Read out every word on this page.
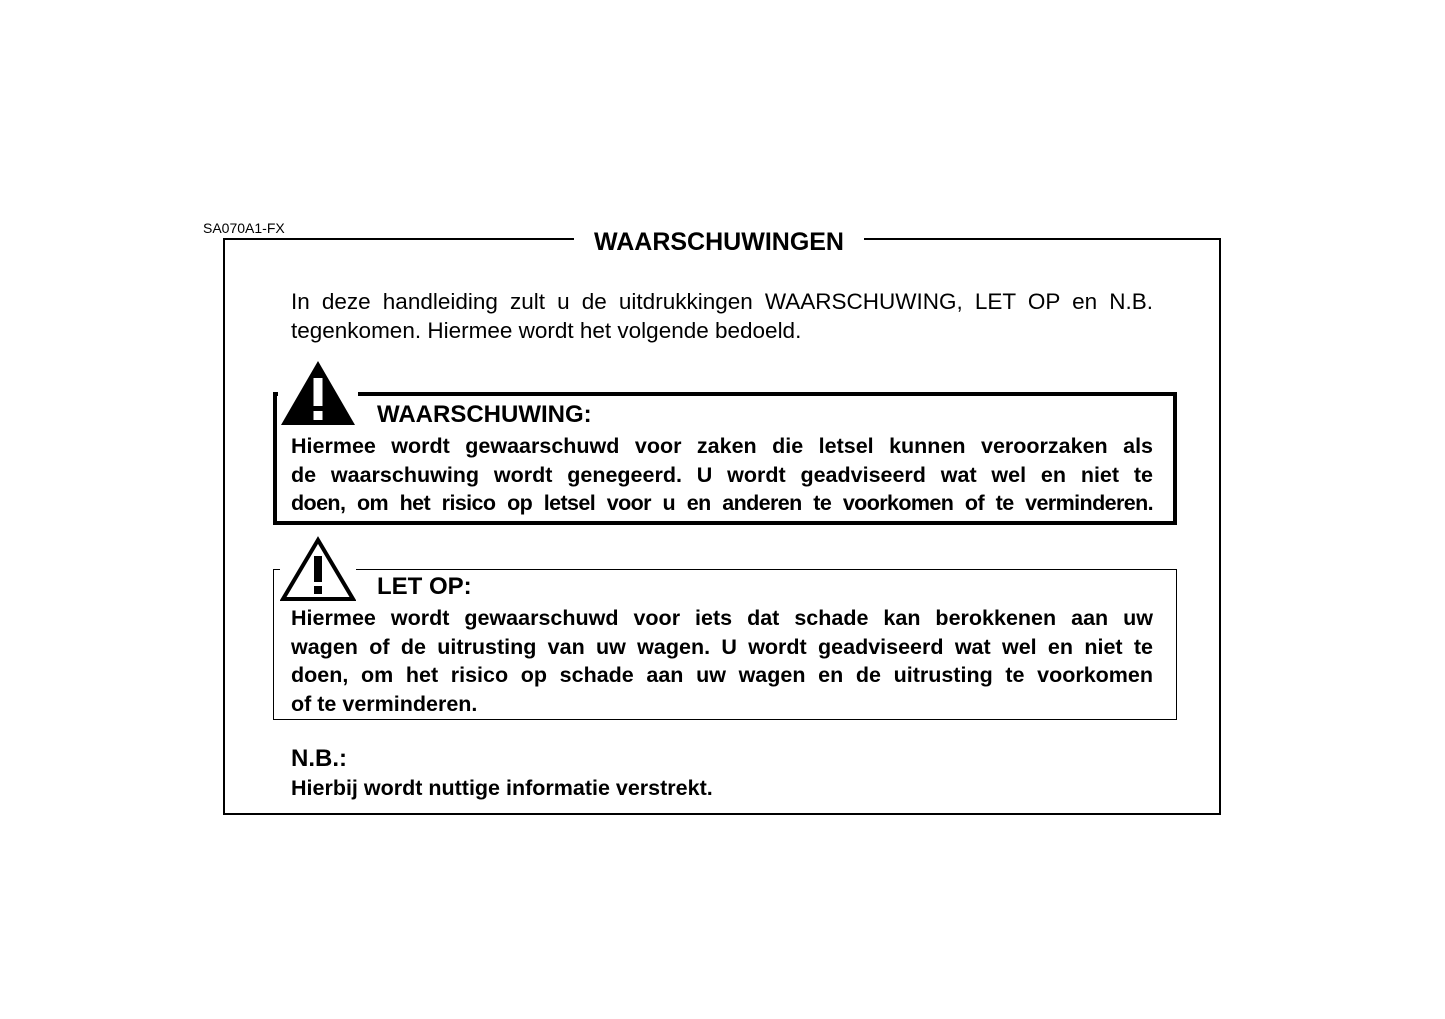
SA070A1-FX	WAARSCHUWINGEN

In deze handleiding zult u de uitdrukkingen WAARSCHUWING, LET OP en N.B.
tegenkomen. Hiermee wordt het volgende bedoeld.

WAARSCHUWING:

Hiermee wordt gewaarschuwd voor zaken die letsel kunnen veroorzaken als
de waarschuwing wordt genegeerd. U wordt geadviseerd wat wel en niet te
doen, om het risico op letsel voor u en anderen te voorkomen of te verminderen.

LET OP:

Hiermee wordt gewaarschuwd voor iets dat schade kan berokkenen aan uw
wagen of de uitrusting van uw wagen. U wordt geadviseerd wat wel en niet te
doen, om het risico op schade aan uw wagen en de uitrusting te voorkomen
of te verminderen.

N.B.:

Hierbij wordt nuttige informatie verstrekt.
